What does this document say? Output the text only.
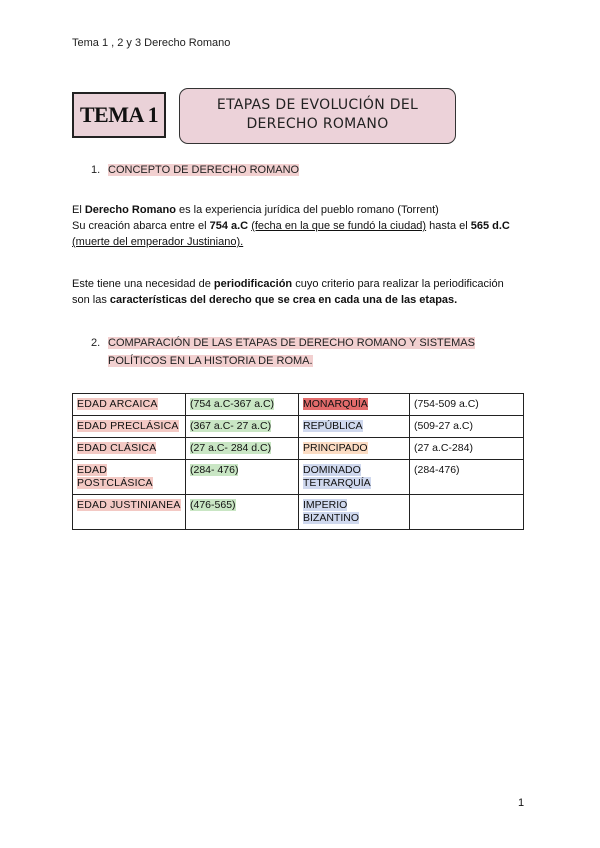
Tema 1 , 2 y 3 Derecho Romano
TEMA 1	ETAPAS DE EVOLUCIÓN DEL
DERECHO ROMANO
1. CONCEPTO DE DERECHO ROMANO
El Derecho Romano es la experiencia jurídica del pueblo romano (Torrent)
Su creación abarca entre el 754 a.C (fecha en la que se fundó la ciudad) hasta el 565 d.C
(muerte del emperador Justiniano).
Este tiene una necesidad de periodificación cuyo criterio para realizar la periodificación
son las características del derecho que se crea en cada una de las etapas.
2. COMPARACIÓN DE LAS ETAPAS DE DERECHO ROMANO Y SISTEMAS
POLÍTICOS EN LA HISTORIA DE ROMA.
EDAD ARCAICA	(754 a.C-367 a.C)	MONARQUÍA	(754-509 a.C)
EDAD PRECLÁSICA	(367 a.C- 27 a.C)	REPÚBLICA	(509-27 a.C)
EDAD CLÁSICA	(27 a.C- 284 d.C)	PRINCIPADO	(27 a.C-284)
EDAD POSTCLÁSICA	(284- 476)	DOMINADO TETRARQUÍA	(284-476)
EDAD JUSTINIANEA	(476-565)	IMPERIO BIZANTINO	
1
